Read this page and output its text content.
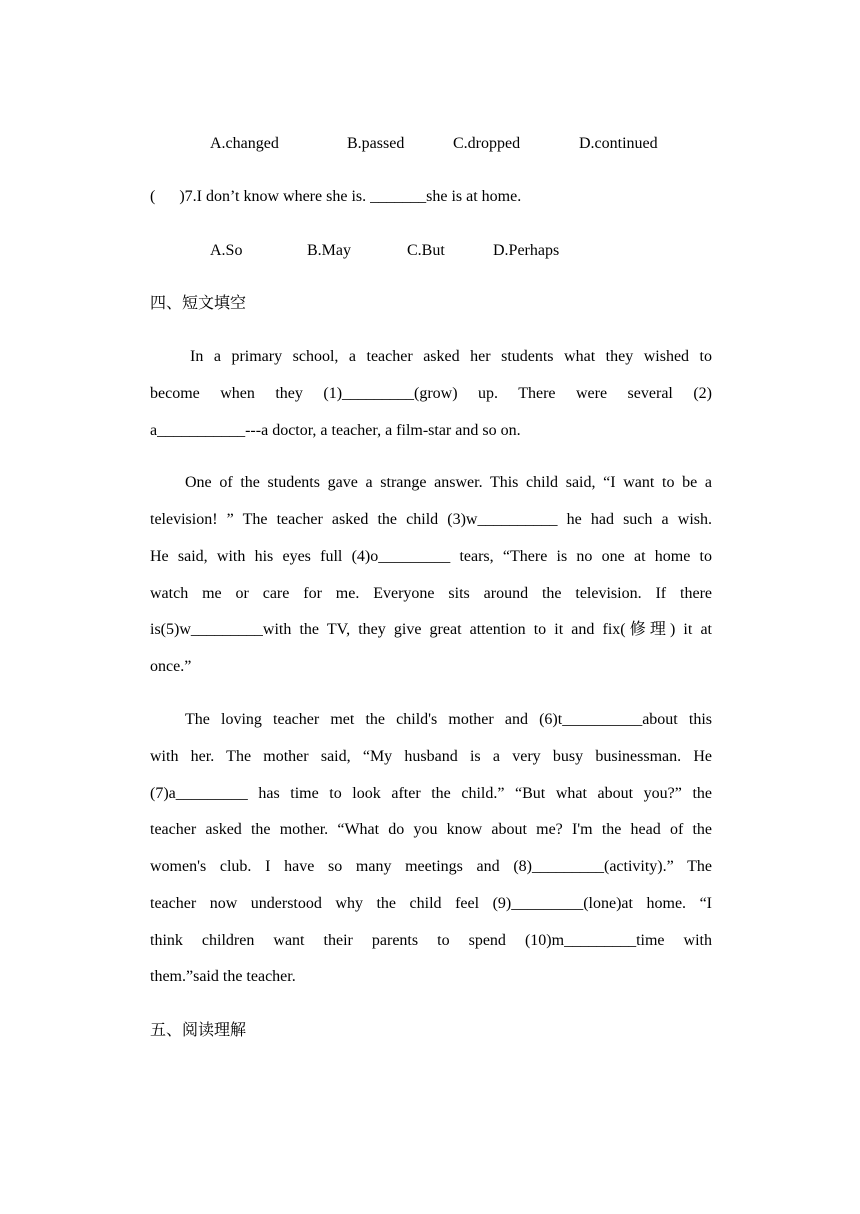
A.changed	B.passed	C.dropped	D.continued
(      )7.I don’t know where she is. _______she is at home.
A.So	B.May	C.But	D.Perhaps
四、短文填空
In a primary school, a teacher asked her students what they wished to
become when they (1)_________(grow) up. There were several (2)
a___________---a doctor, a teacher, a film-star and so on.
One of the students gave a strange answer. This child said, “I want to be a
television! ” The teacher asked the child (3)w__________ he had such a wish.
He said, with his eyes full (4)o_________ tears, “There is no one at home to
watch me or care for me. Everyone sits around the television. If there
is(5)w_________with the TV, they give great attention to it and fix(修理) it at
once.”
The loving teacher met the child's mother and (6)t__________about this
with her. The mother said, “My husband is a very busy businessman. He
(7)a_________ has time to look after the child.” “But what about you?” the
teacher asked the mother. “What do you know about me? I'm the head of the
women's club. I have so many meetings and (8)_________(activity).” The
teacher now understood why the child feel (9)_________(lone)at home. “I
think children want their parents to spend (10)m_________time with
them.”said the teacher.
五、阅读理解
